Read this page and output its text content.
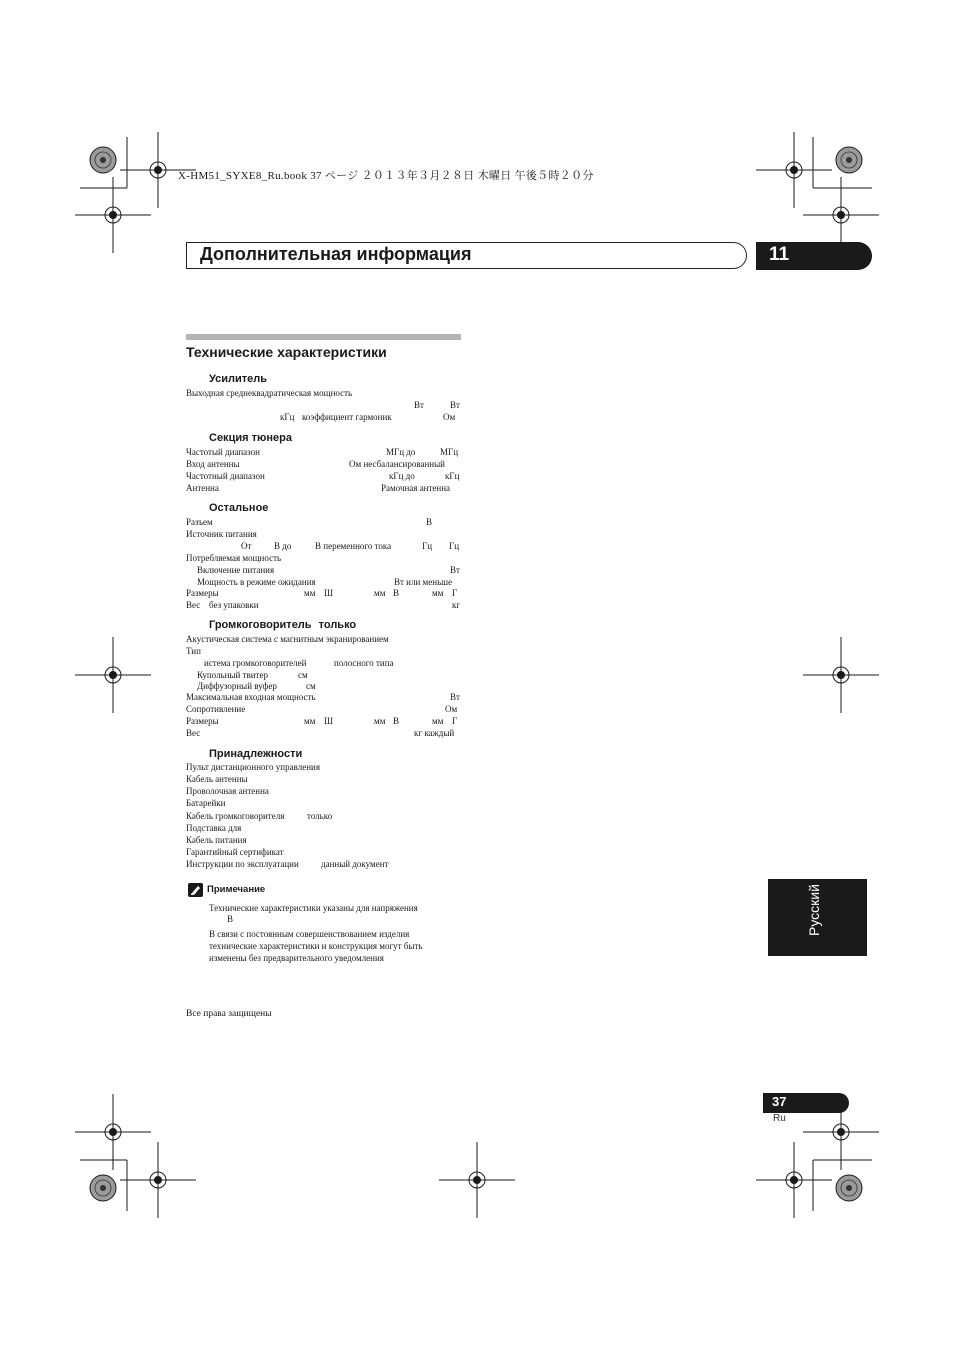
X-HM51_SYXE8_Ru.book 37 ページ ２０１３年３月２８日 木曜日 午後５時２０分
Дополнительная информация	11
Технические характеристики
Усилитель
Выходная среднеквадратическая мощность
Вт	Вт
кГц коэффициент гармоник	Ом
Секция тюнера
Частотый диапазон	МГц до	МГц
Вход антенны	Ом несбалансированный
Частотный диапазон	кГц до	кГц
Антенна	Рамочная антенна
Остальное
Разъем	В
Источник питания
От	В до	В переменного тока	Гц Гц
Потребляемая мощность
Включение питания	Вт
Мощность в режиме ожидания	Вт или меньше
Размеры	мм Ш	мм В	мм Г
Вес без упаковки	кг
Громкоговоритель только
Акустическая система с магнитным экранированием
Тип
истема громкоговорителей	полосного типа
Купольный твитер	см
Диффузорный вуфер	см
Максимальная входная мощность	Вт
Сопротивление	Ом
Размеры	мм Ш	мм В	мм Г
Вес	кг каждый
Принадлежности
Пульт дистанционного управления
Кабель антенны
Проволочная антенна
Батарейки
Кабель громкоговорителя	только
Подставка для
Кабель питания
Гарантийный сертификат
Инструкции по эксплуатации данный документ
Примечание
Технические характеристики указаны для напряжения
В
В связи с постоянным совершенствованием изделия
технические характеристики и конструкция могут быть
изменены без предварительного уведомления
Все права защищены
Русский
37
Ru
